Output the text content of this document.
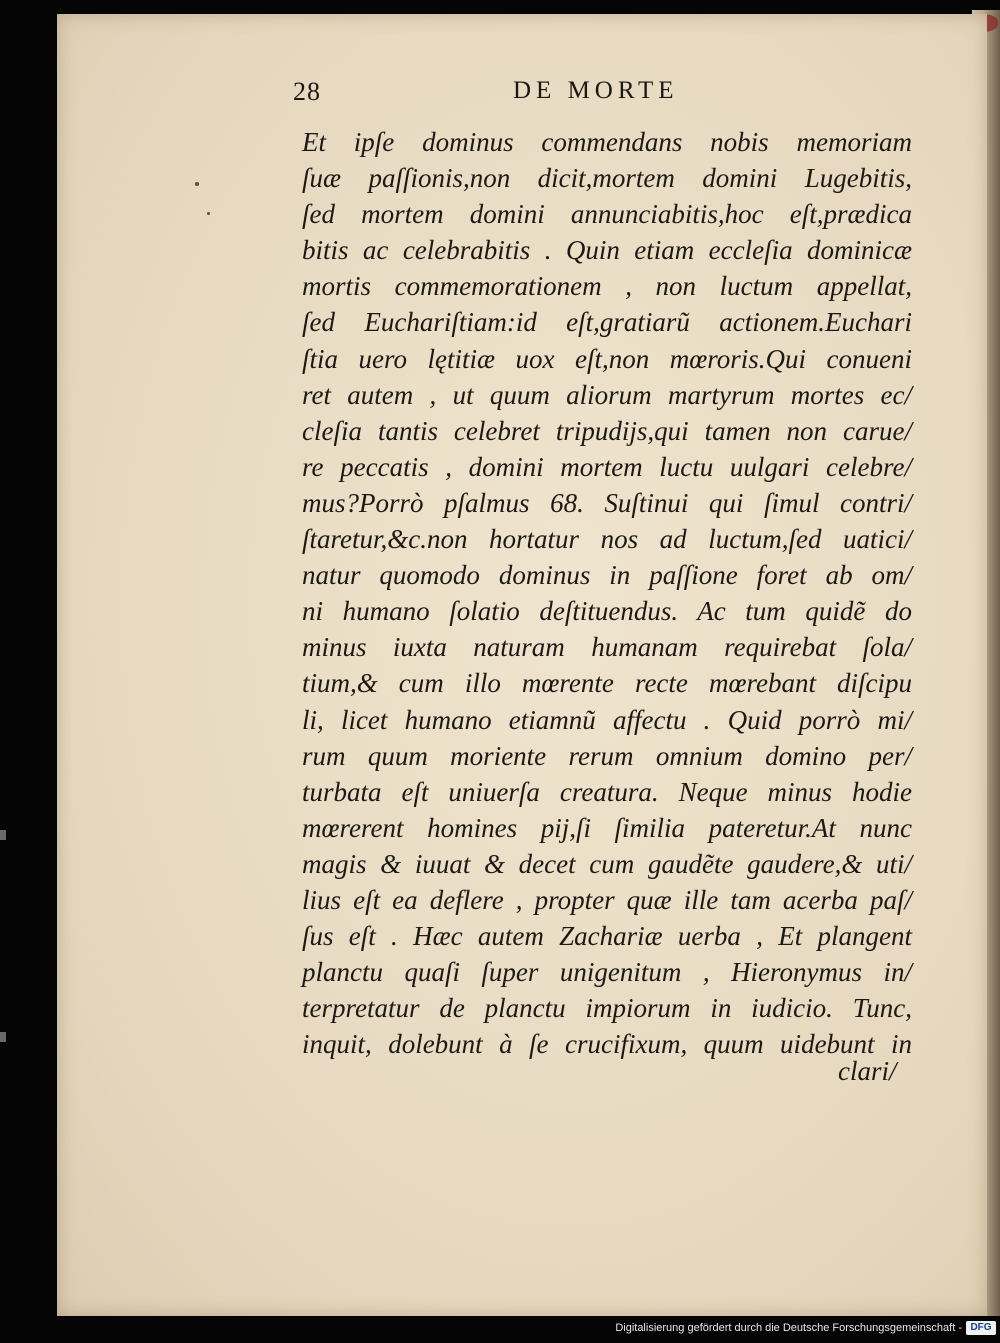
28	DE MORTE
Et ipſe dominus commendans nobis memoriam
ſuæ paſſionis,non dicit,mortem domini Lugebitis,
ſed mortem domini annunciabitis,hoc eſt,prædica
bitis ac celebrabitis . Quin etiam eccleſia dominicæ
mortis commemorationem , non luctum appellat,
ſed Euchariſtiam:id eſt,gratiarũ actionem.Euchari
ſtia uero lętitiæ uox eſt,non mœroris.Qui conueni
ret autem , ut quum aliorum martyrum mortes ec/
cleſia tantis celebret tripudijs,qui tamen non carue/
re peccatis , domini mortem luctu uulgari celebre/
mus?Porrò pſalmus 68. Suſtinui qui ſimul contri/
ſtaretur,&c.non hortatur nos ad luctum,ſed uatici/
natur quomodo dominus in paſſione foret ab om/
ni humano ſolatio deſtituendus. Ac tum quidẽ do
minus iuxta naturam humanam requirebat ſola/
tium,& cum illo mœrente recte mœrebant diſcipu
li, licet humano etiamnũ affectu . Quid porrò mi/
rum quum moriente rerum omnium domino per/
turbata eſt uniuerſa creatura. Neque minus hodie
mœrerent homines pij,ſi ſimilia pateretur.At nunc
magis & iuuat & decet cum gaudẽte gaudere,& uti/
lius eſt ea deflere , propter quæ ille tam acerba paſ/
ſus eſt . Hæc autem Zachariæ uerba , Et plangent
planctu quaſi ſuper unigenitum , Hieronymus in/
terpretatur de planctu impiorum in iudicio. Tunc,
inquit, dolebunt à ſe crucifixum, quum uidebunt in
clari/
Digitalisierung gefördert durch die Deutsche Forschungsgemeinschaft - DFG
